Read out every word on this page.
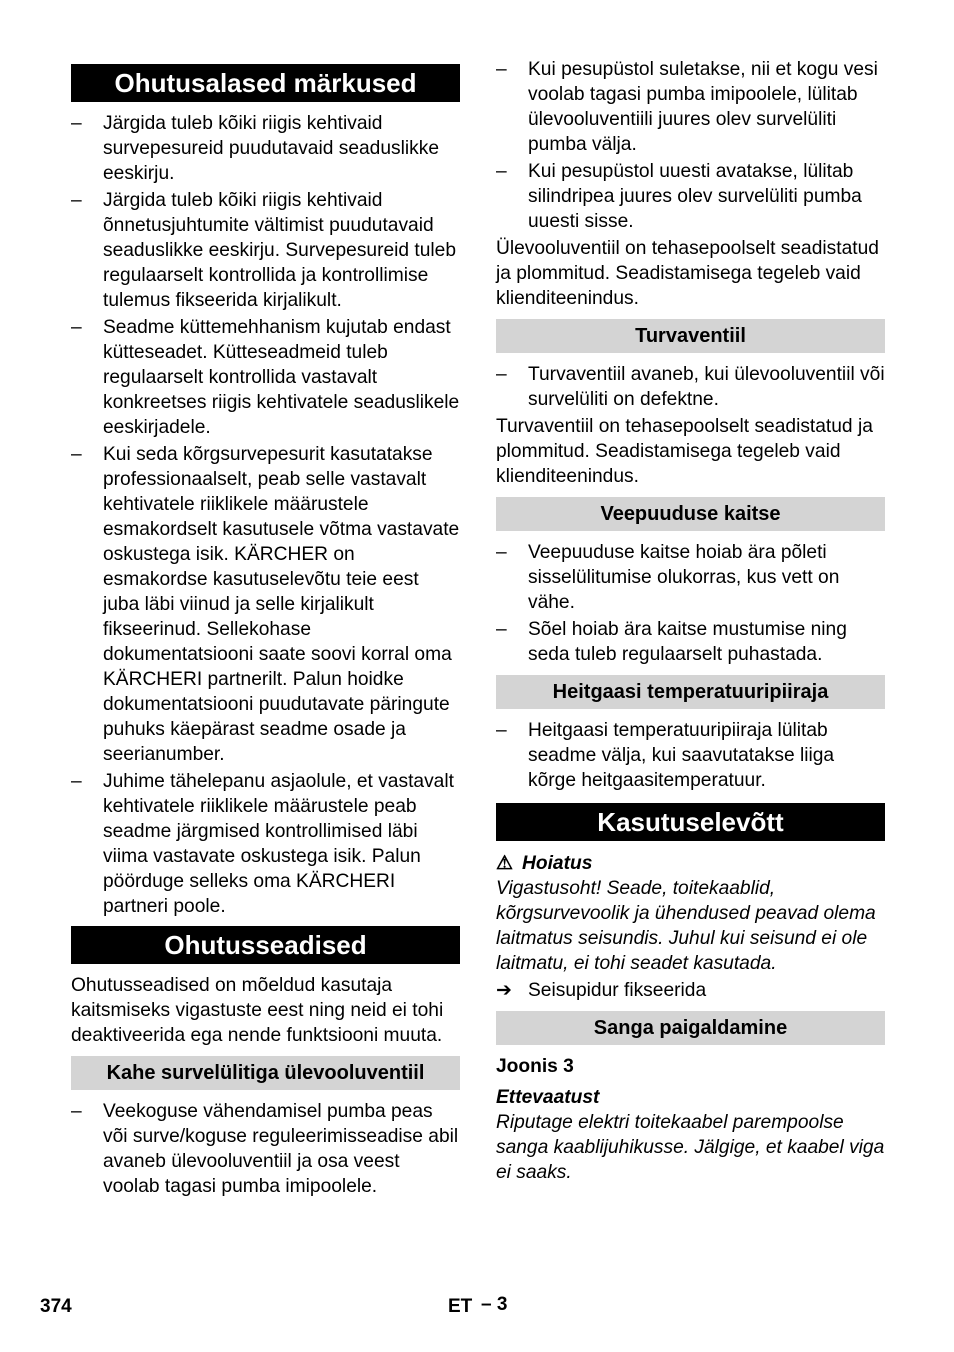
Ohutusalased märkused
–	Järgida tuleb kõiki riigis kehtivaid survepesureid puudutavaid seaduslikke eeskirju.
–	Järgida tuleb kõiki riigis kehtivaid õnnetusjuhtumite vältimist puudutavaid seaduslikke eeskirju. Survepesureid tuleb regulaarselt kontrollida ja kontrollimise tulemus fikseerida kirjalikult.
–	Seadme küttemehhanism kujutab endast kütteseadet. Kütteseadmeid tuleb regulaarselt kontrollida vastavalt konkreetses riigis kehtivatele seaduslikele eeskirjadele.
–	Kui seda kõrgsurvepesurit kasutatakse professionaalselt, peab selle vastavalt kehtivatele riiklikele määrustele esmakordselt kasutusele võtma vastavate oskustega isik. KÄRCHER on esmakordse kasutuselevõtu teie eest juba läbi viinud ja selle kirjalikult fikseerinud. Sellekohase dokumentatsiooni saate soovi korral oma KÄRCHERI partnerilt. Palun hoidke dokumentatsiooni puudutavate päringute puhuks käepärast seadme osade ja seerianumber.
–	Juhime tähelepanu asjaolule, et vastavalt kehtivatele riiklikele määrustele peab seadme järgmised kontrollimised läbi viima vastavate oskustega isik. Palun pöörduge selleks oma KÄRCHERI partneri poole.
Ohutusseadised
Ohutusseadised on mõeldud kasutaja kaitsmiseks vigastuste eest ning neid ei tohi deaktiveerida ega nende funktsiooni muuta.
Kahe survelülitiga ülevooluventiil
–	Veekoguse vähendamisel pumba peas või surve/koguse reguleerimisseadise abil avaneb ülevooluventiil ja osa veest voolab tagasi pumba imipoolele.
–	Kui pesupüstol suletakse, nii et kogu vesi voolab tagasi pumba imipoolele, lülitab ülevooluventiili juures olev survelüliti pumba välja.
–	Kui pesupüstol uuesti avatakse, lülitab silindripea juures olev survelüliti pumba uuesti sisse.
Ülevooluventiil on tehasepoolselt seadistatud ja plommitud. Seadistamisega tegeleb vaid klienditeenindus.
Turvaventiil
–	Turvaventiil avaneb, kui ülevooluventiil või survelüliti on defektne.
Turvaventiil on tehasepoolselt seadistatud ja plommitud. Seadistamisega tegeleb vaid klienditeenindus.
Veepuuduse kaitse
–	Veepuuduse kaitse hoiab ära põleti sisselülitumise olukorras, kus vett on vähe.
–	Sõel hoiab ära kaitse mustumise ning seda tuleb regulaarselt puhastada.
Heitgaasi temperatuuripiiraja
–	Heitgaasi temperatuuripiiraja lülitab seadme välja, kui saavutatakse liiga kõrge heitgaasitemperatuur.
Kasutuselevõtt
⚠ Hoiatus
Vigastusoht! Seade, toitekaablid, kõrgsurvevoolik ja ühendused peavad olema laitmatus seisundis. Juhul kui seisund ei ole laitmatu, ei tohi seadet kasutada.
➔ Seisupidur fikseerida
Sanga paigaldamine
Joonis 3
Ettevaatust
Riputage elektri toitekaabel parempoolse sanga kaablijuhikusse. Jälgige, et kaabel viga ei saaks.
374	ET – 3
